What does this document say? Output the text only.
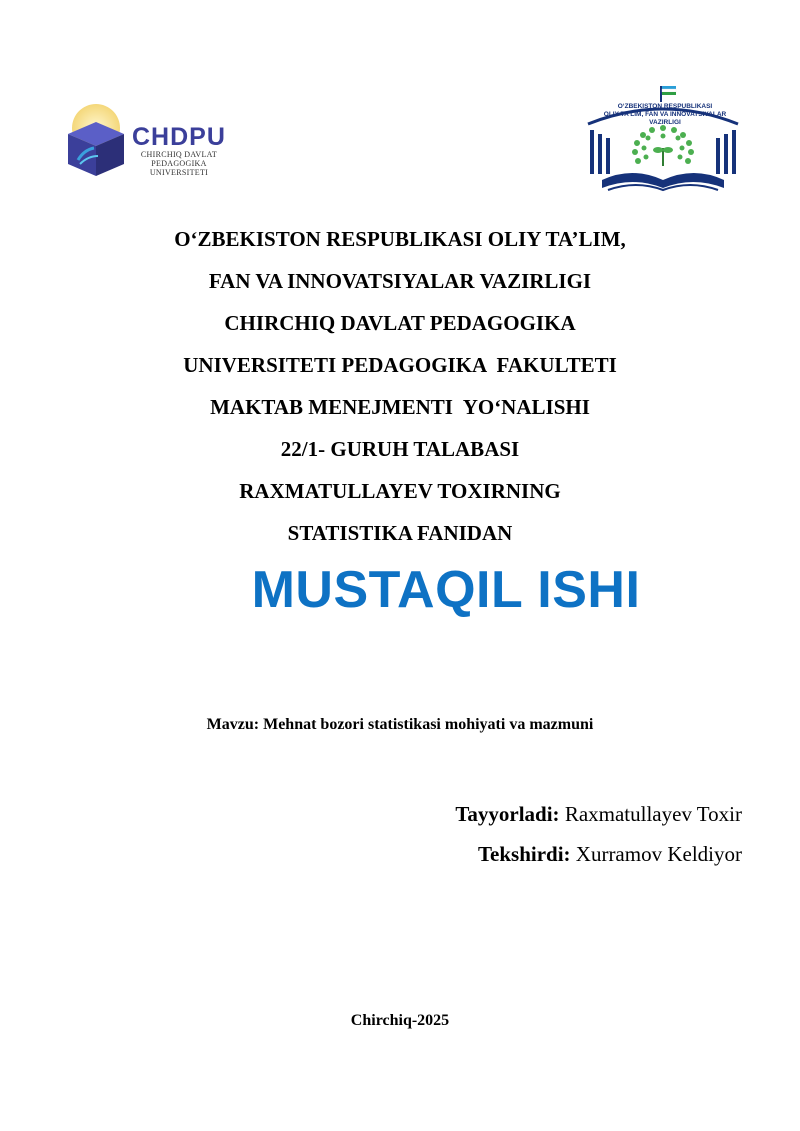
CHDPU
CHIRCHIQ DAVLAT
PEDAGOGIKA UNIVERSITETI
O‘ZBEKISTON RESPUBLIKASI
OLIY TA’LIM, FAN VA INNOVATSIYALAR VAZIRLIGI

O‘ZBEKISTON RESPUBLIKASI OLIY TA’LIM,

FAN VA INNOVATSIYALAR VAZIRLIGI

CHIRCHIQ DAVLAT PEDAGOGIKA

UNIVERSITETI PEDAGOGIKA  FAKULTETI

MAKTAB MENEJMENTI  YO‘NALISHI

22/1- GURUH TALABASI

RAXMATULLAYEV TOXIRNING

STATISTIKA FANIDAN

MUSTAQIL ISHI
Mavzu: Mehnat bozori statistikasi mohiyati va mazmuni
Tayyorladi: Raxmatullayev Toxir
Tekshirdi: Xurramov Keldiyor
Chirchiq-2025
